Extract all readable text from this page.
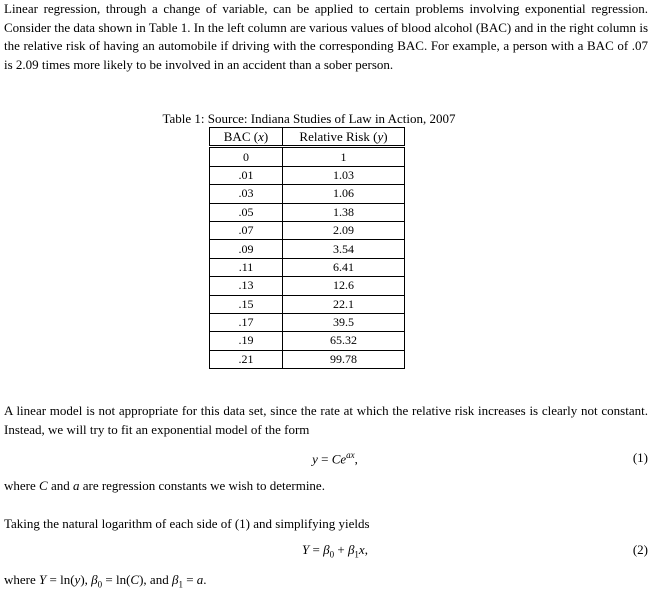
Linear regression, through a change of variable, can be applied to certain problems involving exponential regression. Consider the data shown in Table 1. In the left column are various values of blood alcohol (BAC) and in the right column is the relative risk of having an automobile if driving with the corresponding BAC. For example, a person with a BAC of .07 is 2.09 times more likely to be involved in an accident than a sober person.

Table 1: Source: Indiana Studies of Law in Action, 2007
BAC (x)	Relative Risk (y)
0	1
.01	1.03
.03	1.06
.05	1.38
.07	2.09
.09	3.54
.11	6.41
.13	12.6
.15	22.1
.17	39.5
.19	65.32
.21	99.78

A linear model is not appropriate for this data set, since the rate at which the relative risk increases is clearly not constant. Instead, we will try to fit an exponential model of the form

$y = Ce^{ax}$,	(1)

where C and a are regression constants we wish to determine.

Taking the natural logarithm of each side of (1) and simplifying yields

$Y = \beta_0 + \beta_1x$,	(2)

where Y = ln(y), $\beta_0 = \ln(C)$, and $\beta_1 = a$.
